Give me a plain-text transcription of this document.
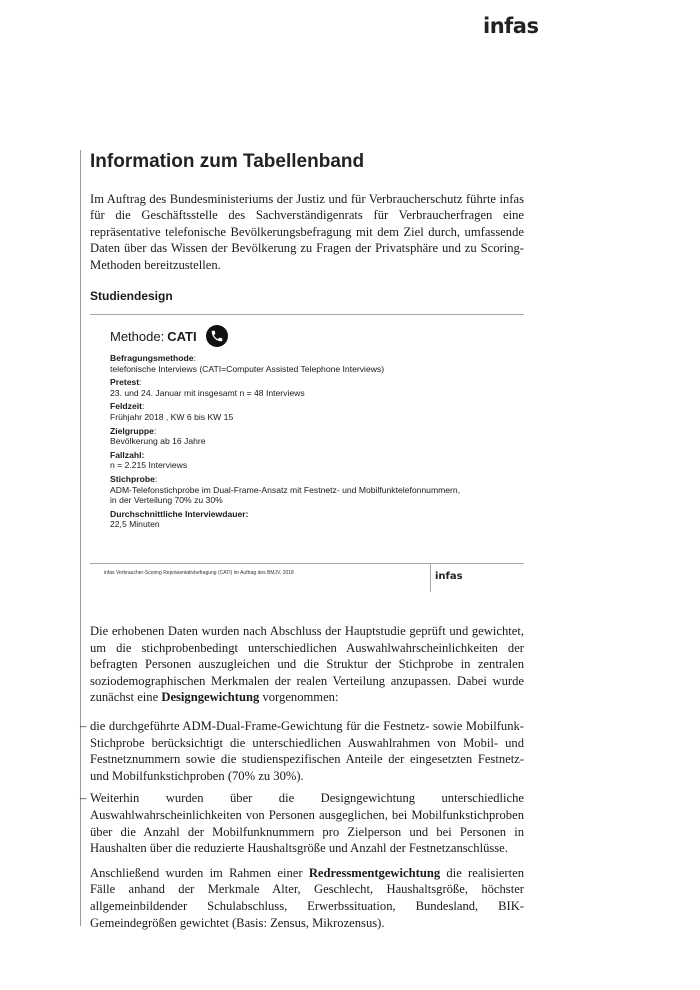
infas
Information zum Tabellenband

Im Auftrag des Bundesministeriums der Justiz und für Verbraucherschutz führte infas für die Geschäftsstelle des Sachverständigenrats für Verbraucherfragen eine repräsentative telefonische Bevölkerungsbefragung mit dem Ziel durch, umfassende Daten über das Wissen der Bevölkerung zu Fragen der Privatsphäre und zu Scoring-Methoden bereitzustellen.

Studiendesign
Methode: CATI
Befragungsmethode:
telefonische Interviews (CATI=Computer Assisted Telephone Interviews)
Pretest:
23. und 24. Januar mit insgesamt n = 48 Interviews
Feldzeit:
Frühjahr 2018 , KW 6 bis KW 15
Zielgruppe:
Bevölkerung ab 16 Jahre
Fallzahl:
n = 2.215 Interviews
Stichprobe:
ADM-Telefonstichprobe im Dual-Frame-Ansatz mit Festnetz- und Mobilfunktelefonnummern,
in der Verteilung 70% zu 30%
Durchschnittliche Interviewdauer:
22,5 Minuten
infas Verbraucher-Scoring Repräsentativbefragung (CATI) im Auftrag des BMJV, 2018	infas

Die erhobenen Daten wurden nach Abschluss der Hauptstudie geprüft und gewichtet, um die stichprobenbedingt unterschiedlichen Auswahlwahrscheinlichkeiten der befragten Personen auszugleichen und die Struktur der Stichprobe in zentralen soziodemographischen Merkmalen der realen Verteilung anzupassen. Dabei wurde zunächst eine Designgewichtung vorgenommen:

– die durchgeführte ADM-Dual-Frame-Gewichtung für die Festnetz- sowie Mobilfunk-Stichprobe berücksichtigt die unterschiedlichen Auswahlrahmen von Mobil- und Festnetznummern sowie die studienspezifischen Anteile der eingesetzten Festnetz- und Mobilfunkstichproben (70% zu 30%).
– Weiterhin wurden über die Designgewichtung unterschiedliche Auswahlwahrscheinlichkeiten von Personen ausgeglichen, bei Mobilfunkstichproben über die Anzahl der Mobilfunknummern pro Zielperson und bei Personen in Haushalten über die reduzierte Haushaltsgröße und Anzahl der Festnetzanschlüsse.

Anschließend wurden im Rahmen einer Redressmentgewichtung die realisierten Fälle anhand der Merkmale Alter, Geschlecht, Haushaltsgröße, höchster allgemeinbildender Schulabschluss, Erwerbssituation, Bundesland, BIK-Gemeindegrößen gewichtet (Basis: Zensus, Mikrozensus).
